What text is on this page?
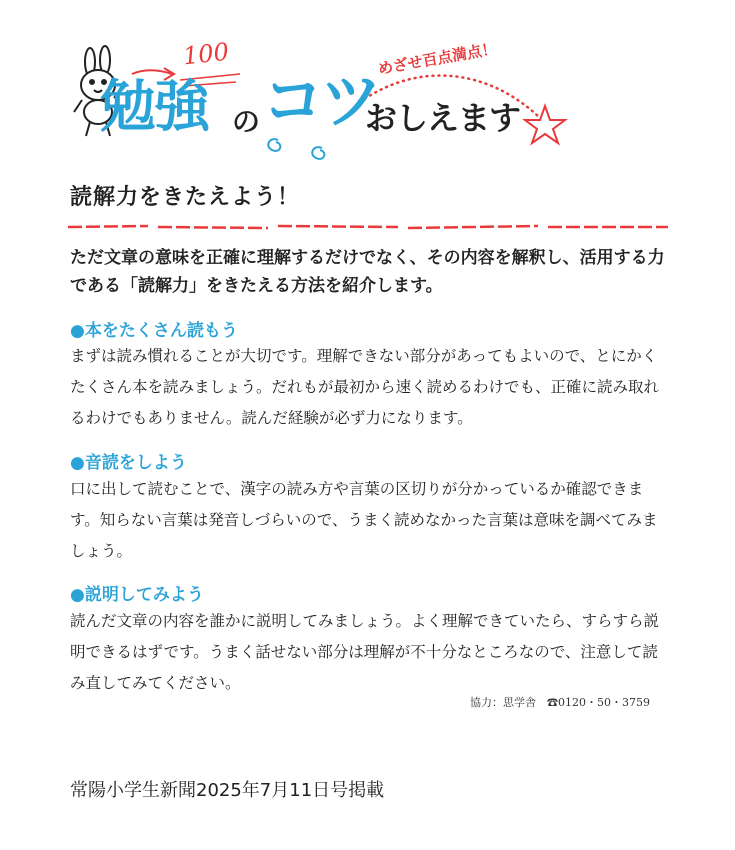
100
勉強 の コツ
おしえます
めざせ百点満点！
読解力をきたえよう！
ただ文章の意味を正確に理解するだけでなく、その内容を解釈し、活用する力である「読解力」をきたえる方法を紹介します。
●本をたくさん読もう
まずは読み慣れることが大切です。理解できない部分があってもよいので、とにかくたくさん本を読みましょう。だれもが最初から速く読めるわけでも、正確に読み取れるわけでもありません。読んだ経験が必ず力になります。
●音読をしよう
口に出して読むことで、漢字の読み方や言葉の区切りが分かっているか確認できます。知らない言葉は発音しづらいので、うまく読めなかった言葉は意味を調べてみましょう。
●説明してみよう
読んだ文章の内容を誰かに説明してみましょう。よく理解できていたら、すらすら説明できるはずです。うまく話せない部分は理解が不十分なところなので、注意して読み直してみてください。
協力：思学舎　☎0120・50・3759
常陽小学生新聞2025年7月11日号掲載
